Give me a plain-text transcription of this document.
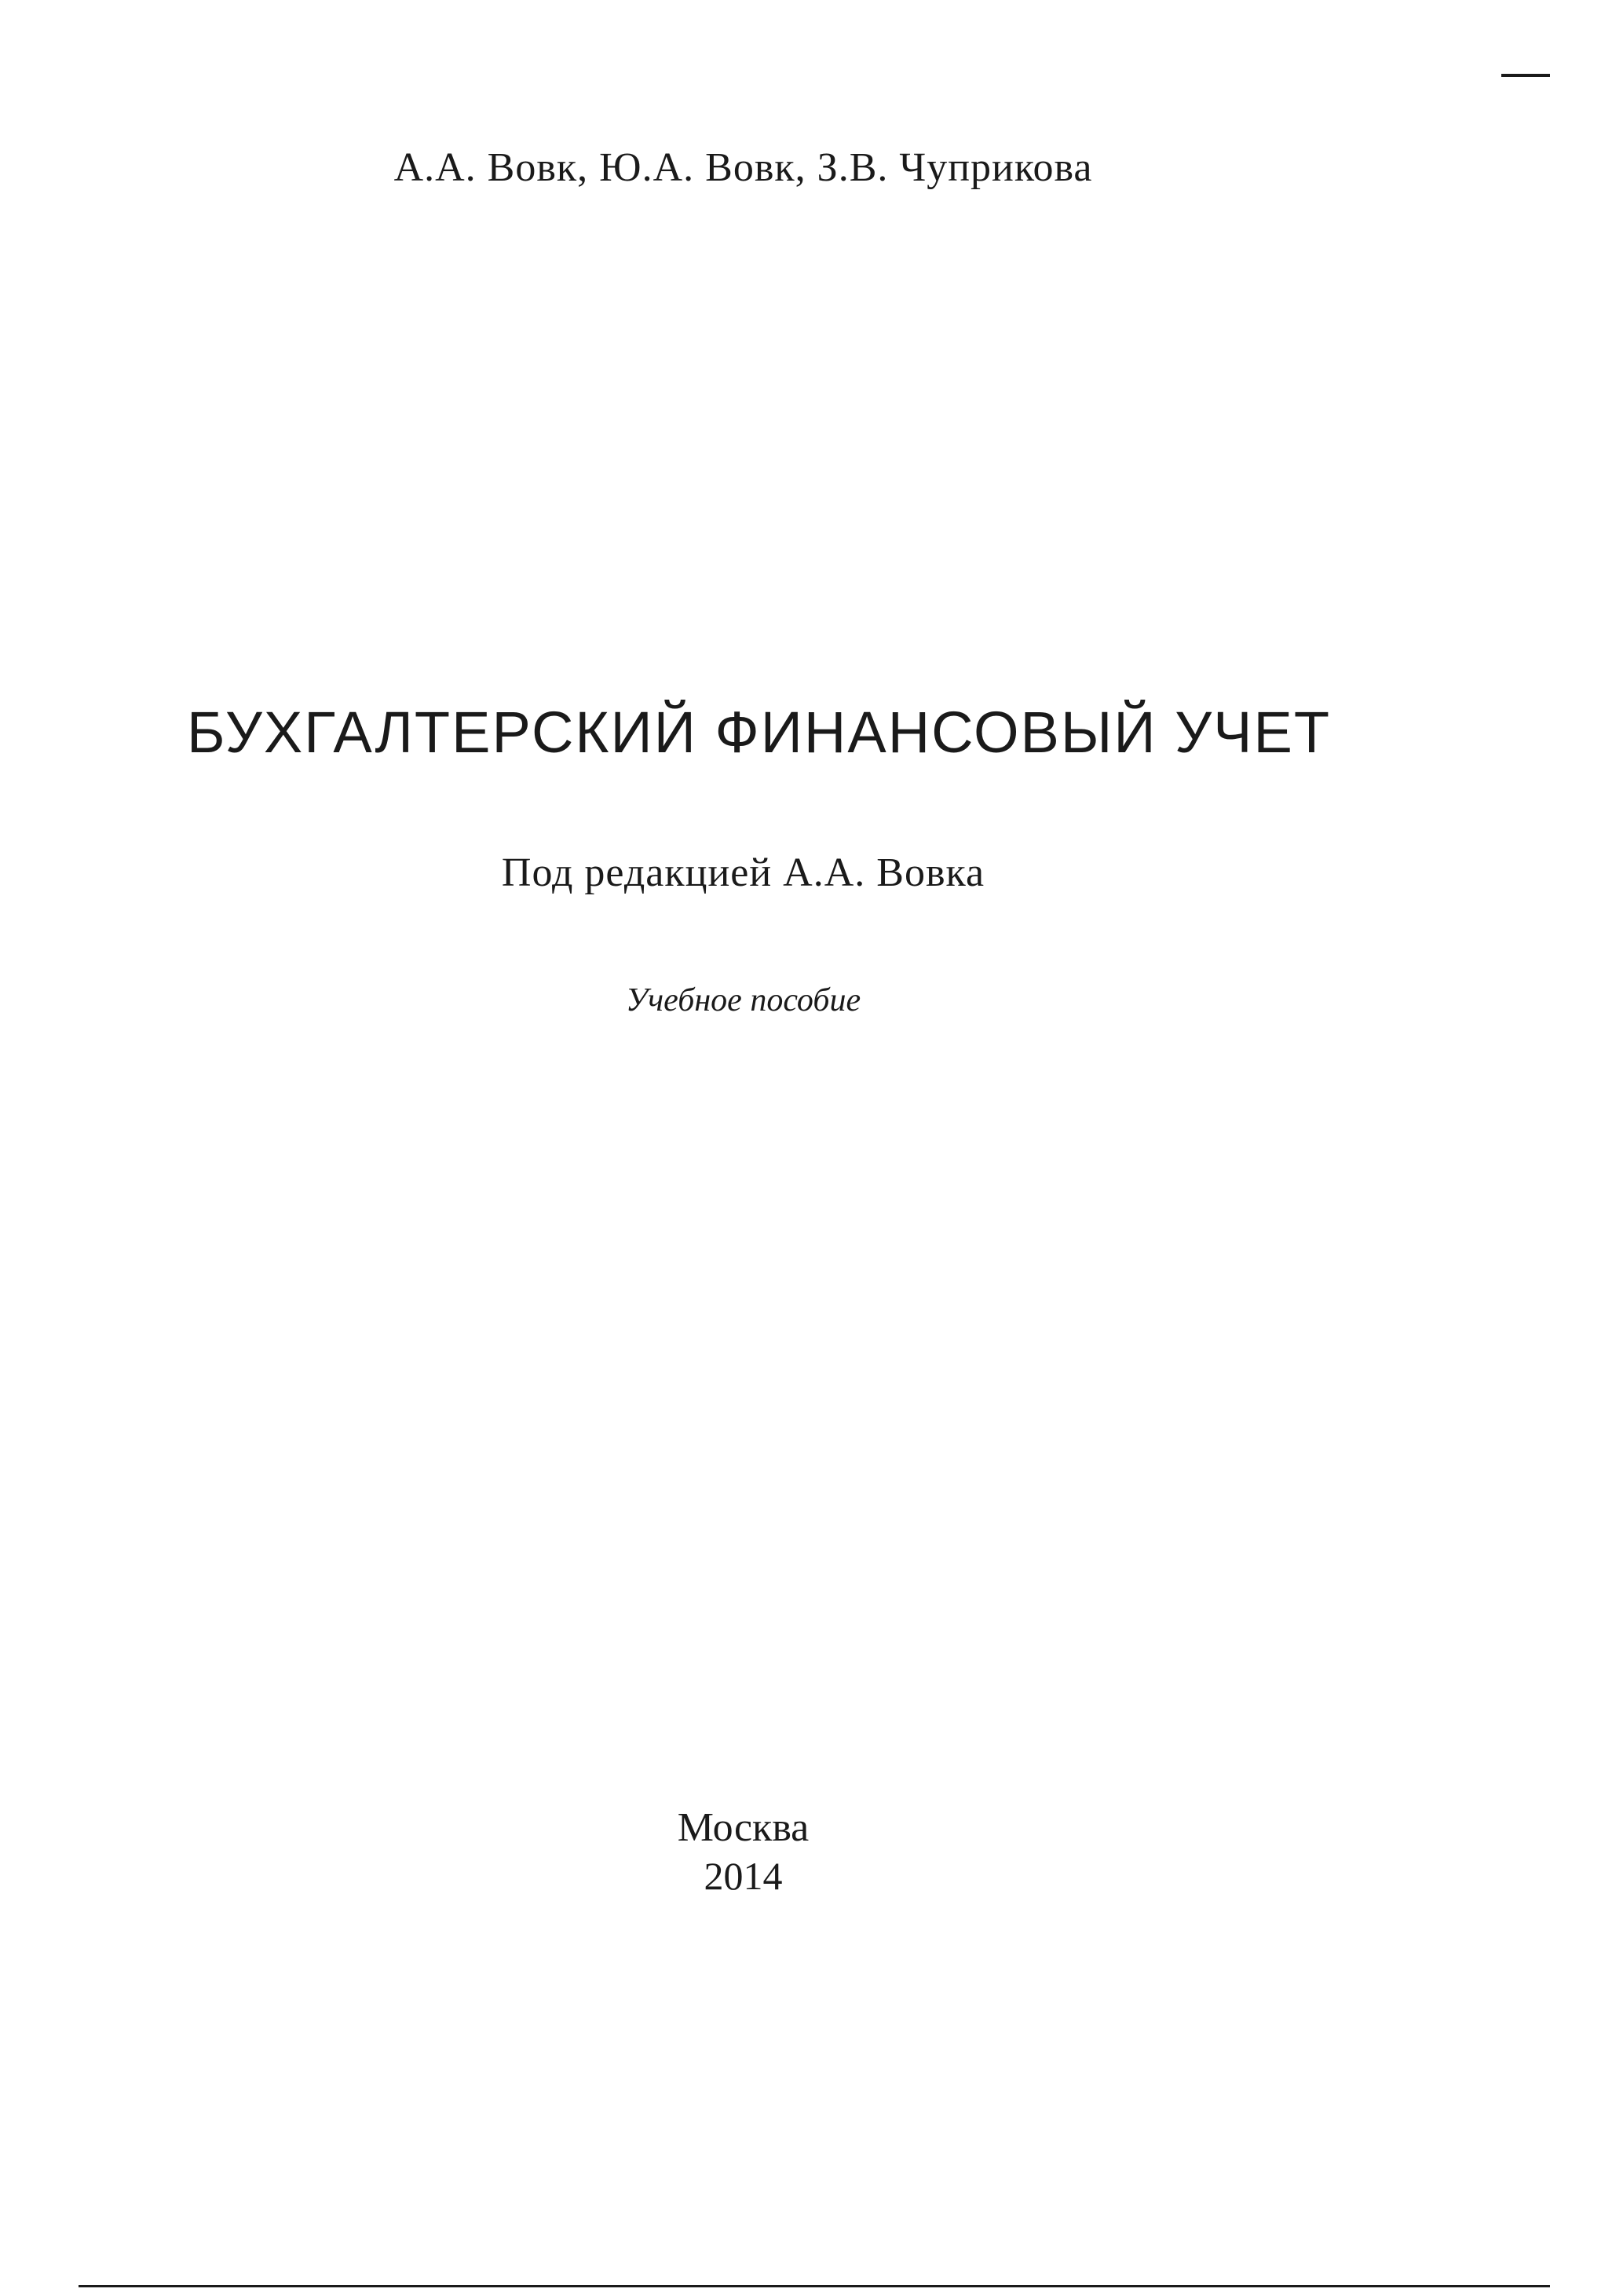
А.А. Вовк, Ю.А. Вовк, З.В. Чуприкова
БУХГАЛТЕРСКИЙ ФИНАНСОВЫЙ УЧЕТ
Под редакцией А.А. Вовка
Учебное пособие
Москва
2014
